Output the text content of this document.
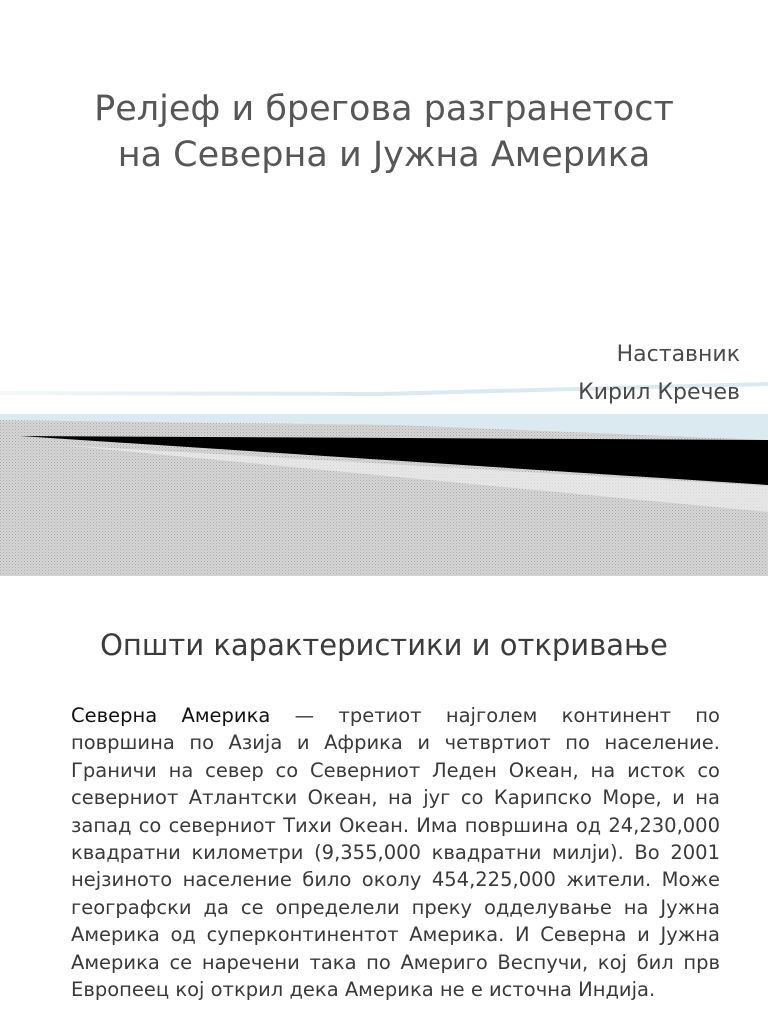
Релјеф и брегова разгранетост
на Северна и Јужна Америка
Наставник
Кирил Кречев
Општи карактеристики и откривање

Северна Америка — третиот најголем континент по површина по Азија и Африка и четвртиот по население. Граничи на север со Северниот Леден Океан, на исток со северниот Атлантски Океан, на југ со Карипско Море, и на запад со северниот Тихи Океан. Има површина од 24,230,000 квадратни километри (9,355,000 квадратни милји). Во 2001 нејзиното население било околу 454,225,000 жители. Може географски да се определели преку одделување на Јужна Америка од суперконтинентот Америка. И Северна и Јужна Америка се наречени така по Америго Веспучи, кој бил прв Европеец кој открил дека Америка не е источна Индија.
